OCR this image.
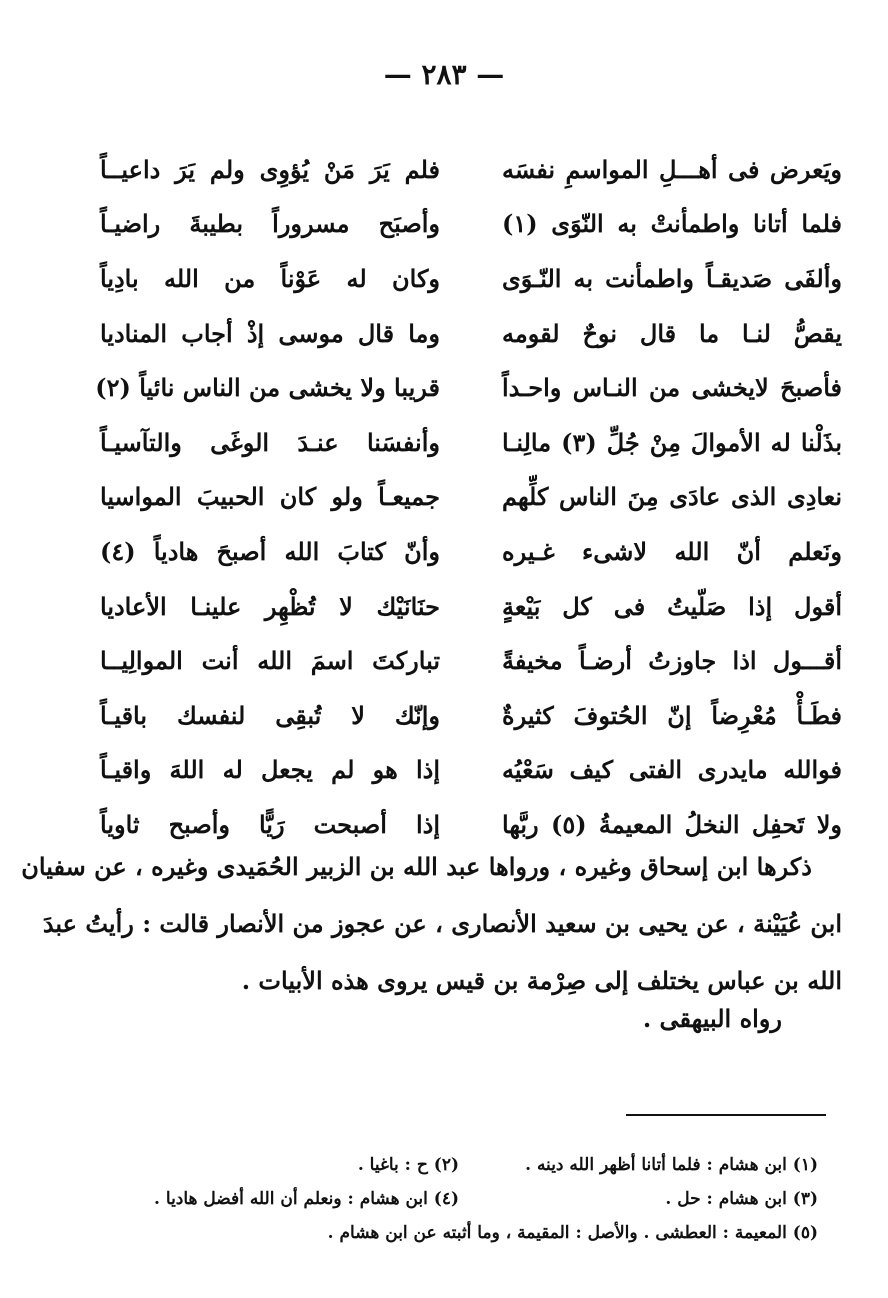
— ٢٨٣ —
ويَعرض فى أهـــلِ المواسمِ نفسَه
فلم يَرَ مَنْ يُؤوِى ولم يَرَ داعيــاً
فلما أتانا واطمأنتْ به النّوَى (١)
وأصبَح مسروراً بطيبةَ راضيـاً
وألفَى صَديقـاً واطمأنت به النّـوَى
وكان له عَوْناً من الله بادِياً
يقصُّ لنـا ما قال نوحٌ لقومه
وما قال موسى إذْ أجاب المناديا
فأصبحَ لايخشى من النـاس واحـداً
قريبا ولا يخشى من الناس نائياً (٢)
بذَلْنا له الأموالَ مِنْ جُلِّ (٣) مالِنـا
وأنفسَنا عنـدَ الوغَى والتآسيـاً
نعادِى الذى عادَى مِنَ الناس كلِّهم
جميعـاً ولو كان الحبيبَ المواسيا
ونَعلم أنّ الله لاشىء غـيره
وأنّ كتابَ الله أصبحَ هادياً (٤)
أقول إذا صَلّيتُ فى كل بَيْعةٍ
حنَانَيْك لا تُظْهِر علينـا الأعاديا
أقـــول اذا جاوزتُ أرضـاً مخيفةً
تباركتَ اسمَ الله أنت الموالِيــا
فطَـأْ مُعْرِضاً إنّ الحُتوفَ كثيرةٌ
وإنّك لا تُبقِى لنفسك باقيـاً
فوالله مايدرى الفتى كيف سَعْيُه
إذا هو لم يجعل له اللهَ واقيـاً
ولا تَحفِل النخلُ المعيمةُ (٥) ربَّها
إذا أصبحت رَيًّا وأصبح ثاوياً
ذكرها ابن إسحاق وغيره ، ورواها عبد الله بن الزبير الحُمَيدى وغيره ، عن سفيان
ابن عُيَيْنة ، عن يحيى بن سعيد الأنصارى ، عن عجوز من الأنصار قالت : رأيتُ عبدَ
الله بن عباس يختلف إلى صِرْمة بن قيس يروى هذه الأبيات .
رواه البيهقى .
(١) ابن هشام : فلما أتانا أظهر الله دينه .
(٢) ح : باغيا .
(٣) ابن هشام : حل .
(٤) ابن هشام : ونعلم أن الله أفضل هاديا .
(٥) المعيمة : العطشى . والأصل : المقيمة ، وما أثبته عن ابن هشام .
